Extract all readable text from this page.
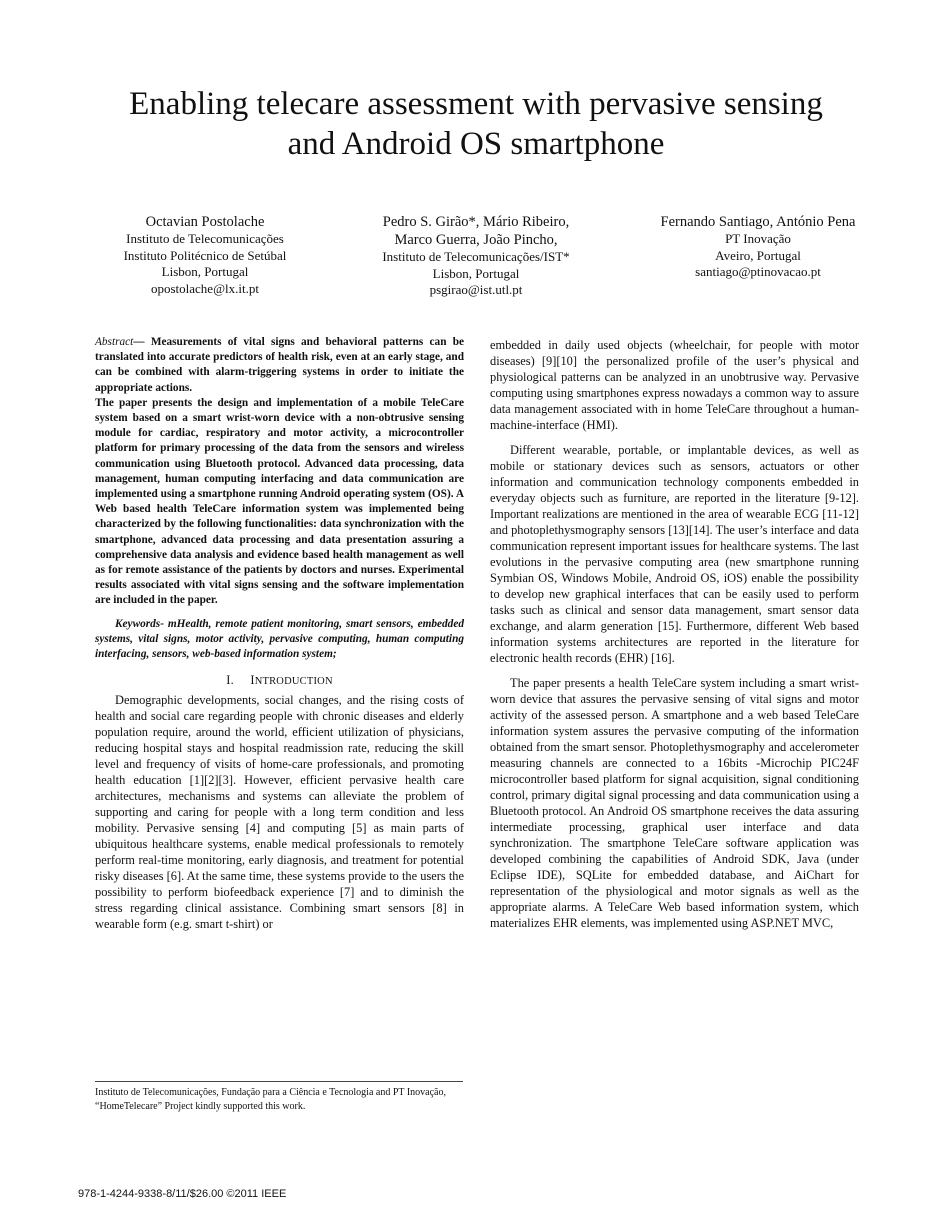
Enabling telecare assessment with pervasive sensing
and Android OS smartphone
Octavian Postolache
Instituto de Telecomunicações
Instituto Politécnico de Setúbal
Lisbon, Portugal
opostolache@lx.it.pt
Pedro S. Girão*, Mário Ribeiro,
Marco Guerra, João Pincho,
Instituto de Telecomunicações/IST*
Lisbon, Portugal
psgirao@ist.utl.pt
Fernando Santiago, António Pena
PT Inovação
Aveiro, Portugal
santiago@ptinovacao.pt
Abstract— Measurements of vital signs and behavioral patterns can be translated into accurate predictors of health risk, even at an early stage, and can be combined with alarm-triggering systems in order to initiate the appropriate actions.
The paper presents the design and implementation of a mobile TeleCare system based on a smart wrist-worn device with a non-obtrusive sensing module for cardiac, respiratory and motor activity, a microcontroller platform for primary processing of the data from the sensors and wireless communication using Bluetooth protocol. Advanced data processing, data management, human computing interfacing and data communication are implemented using a smartphone running Android operating system (OS). A Web based health TeleCare information system was implemented being characterized by the following functionalities: data synchronization with the smartphone, advanced data processing and data presentation assuring a comprehensive data analysis and evidence based health management as well as for remote assistance of the patients by doctors and nurses. Experimental results associated with vital signs sensing and the software implementation are included in the paper.
Keywords- mHealth, remote patient monitoring, smart sensors, embedded systems, vital signs, motor activity, pervasive computing, human computing interfacing, sensors, web-based information system;
I. INTRODUCTION

Demographic developments, social changes, and the rising costs of health and social care regarding people with chronic diseases and elderly population require, around the world, efficient utilization of physicians, reducing hospital stays and hospital readmission rate, reducing the skill level and frequency of visits of home-care professionals, and promoting health education [1][2][3]. However, efficient pervasive health care architectures, mechanisms and systems can alleviate the problem of supporting and caring for people with a long term condition and less mobility. Pervasive sensing [4] and computing [5] as main parts of ubiquitous healthcare systems, enable medical professionals to remotely perform real-time monitoring, early diagnosis, and treatment for potential risky diseases [6]. At the same time, these systems provide to the users the possibility to perform biofeedback experience [7] and to diminish the stress regarding clinical assistance. Combining smart sensors [8] in wearable form (e.g. smart t-shirt) or

embedded in daily used objects (wheelchair, for people with motor diseases) [9][10] the personalized profile of the user’s physical and physiological patterns can be analyzed in an unobtrusive way. Pervasive computing using smartphones express nowadays a common way to assure data management associated with in home TeleCare throughout a human-machine-interface (HMI).

Different wearable, portable, or implantable devices, as well as mobile or stationary devices such as sensors, actuators or other information and communication technology components embedded in everyday objects such as furniture, are reported in the literature [9-12]. Important realizations are mentioned in the area of wearable ECG [11-12] and photoplethysmography sensors [13][14]. The user’s interface and data communication represent important issues for healthcare systems. The last evolutions in the pervasive computing area (new smartphone running Symbian OS, Windows Mobile, Android OS, iOS) enable the possibility to develop new graphical interfaces that can be easily used to perform tasks such as clinical and sensor data management, smart sensor data exchange, and alarm generation [15]. Furthermore, different Web based information systems architectures are reported in the literature for electronic health records (EHR) [16].

The paper presents a health TeleCare system including a smart wrist-worn device that assures the pervasive sensing of vital signs and motor activity of the assessed person. A smartphone and a web based TeleCare information system assures the pervasive computing of the information obtained from the smart sensor. Photoplethysmography and accelerometer measuring channels are connected to a 16bits -Microchip PIC24F microcontroller based platform for signal acquisition, signal conditioning control, primary digital signal processing and data communication using a Bluetooth protocol. An Android OS smartphone receives the data assuring intermediate processing, graphical user interface and data synchronization. The smartphone TeleCare software application was developed combining the capabilities of Android SDK, Java (under Eclipse IDE), SQLite for embedded database, and AiChart for representation of the physiological and motor signals as well as the appropriate alarms. A TeleCare Web based information system, which materializes EHR elements, was implemented using ASP.NET MVC,

Instituto de Telecomunicações, Fundação para a Ciência e Tecnologia and PT Inovação, “HomeTelecare” Project kindly supported this work.
978-1-4244-9338-8/11/$26.00 ©2011 IEEE
